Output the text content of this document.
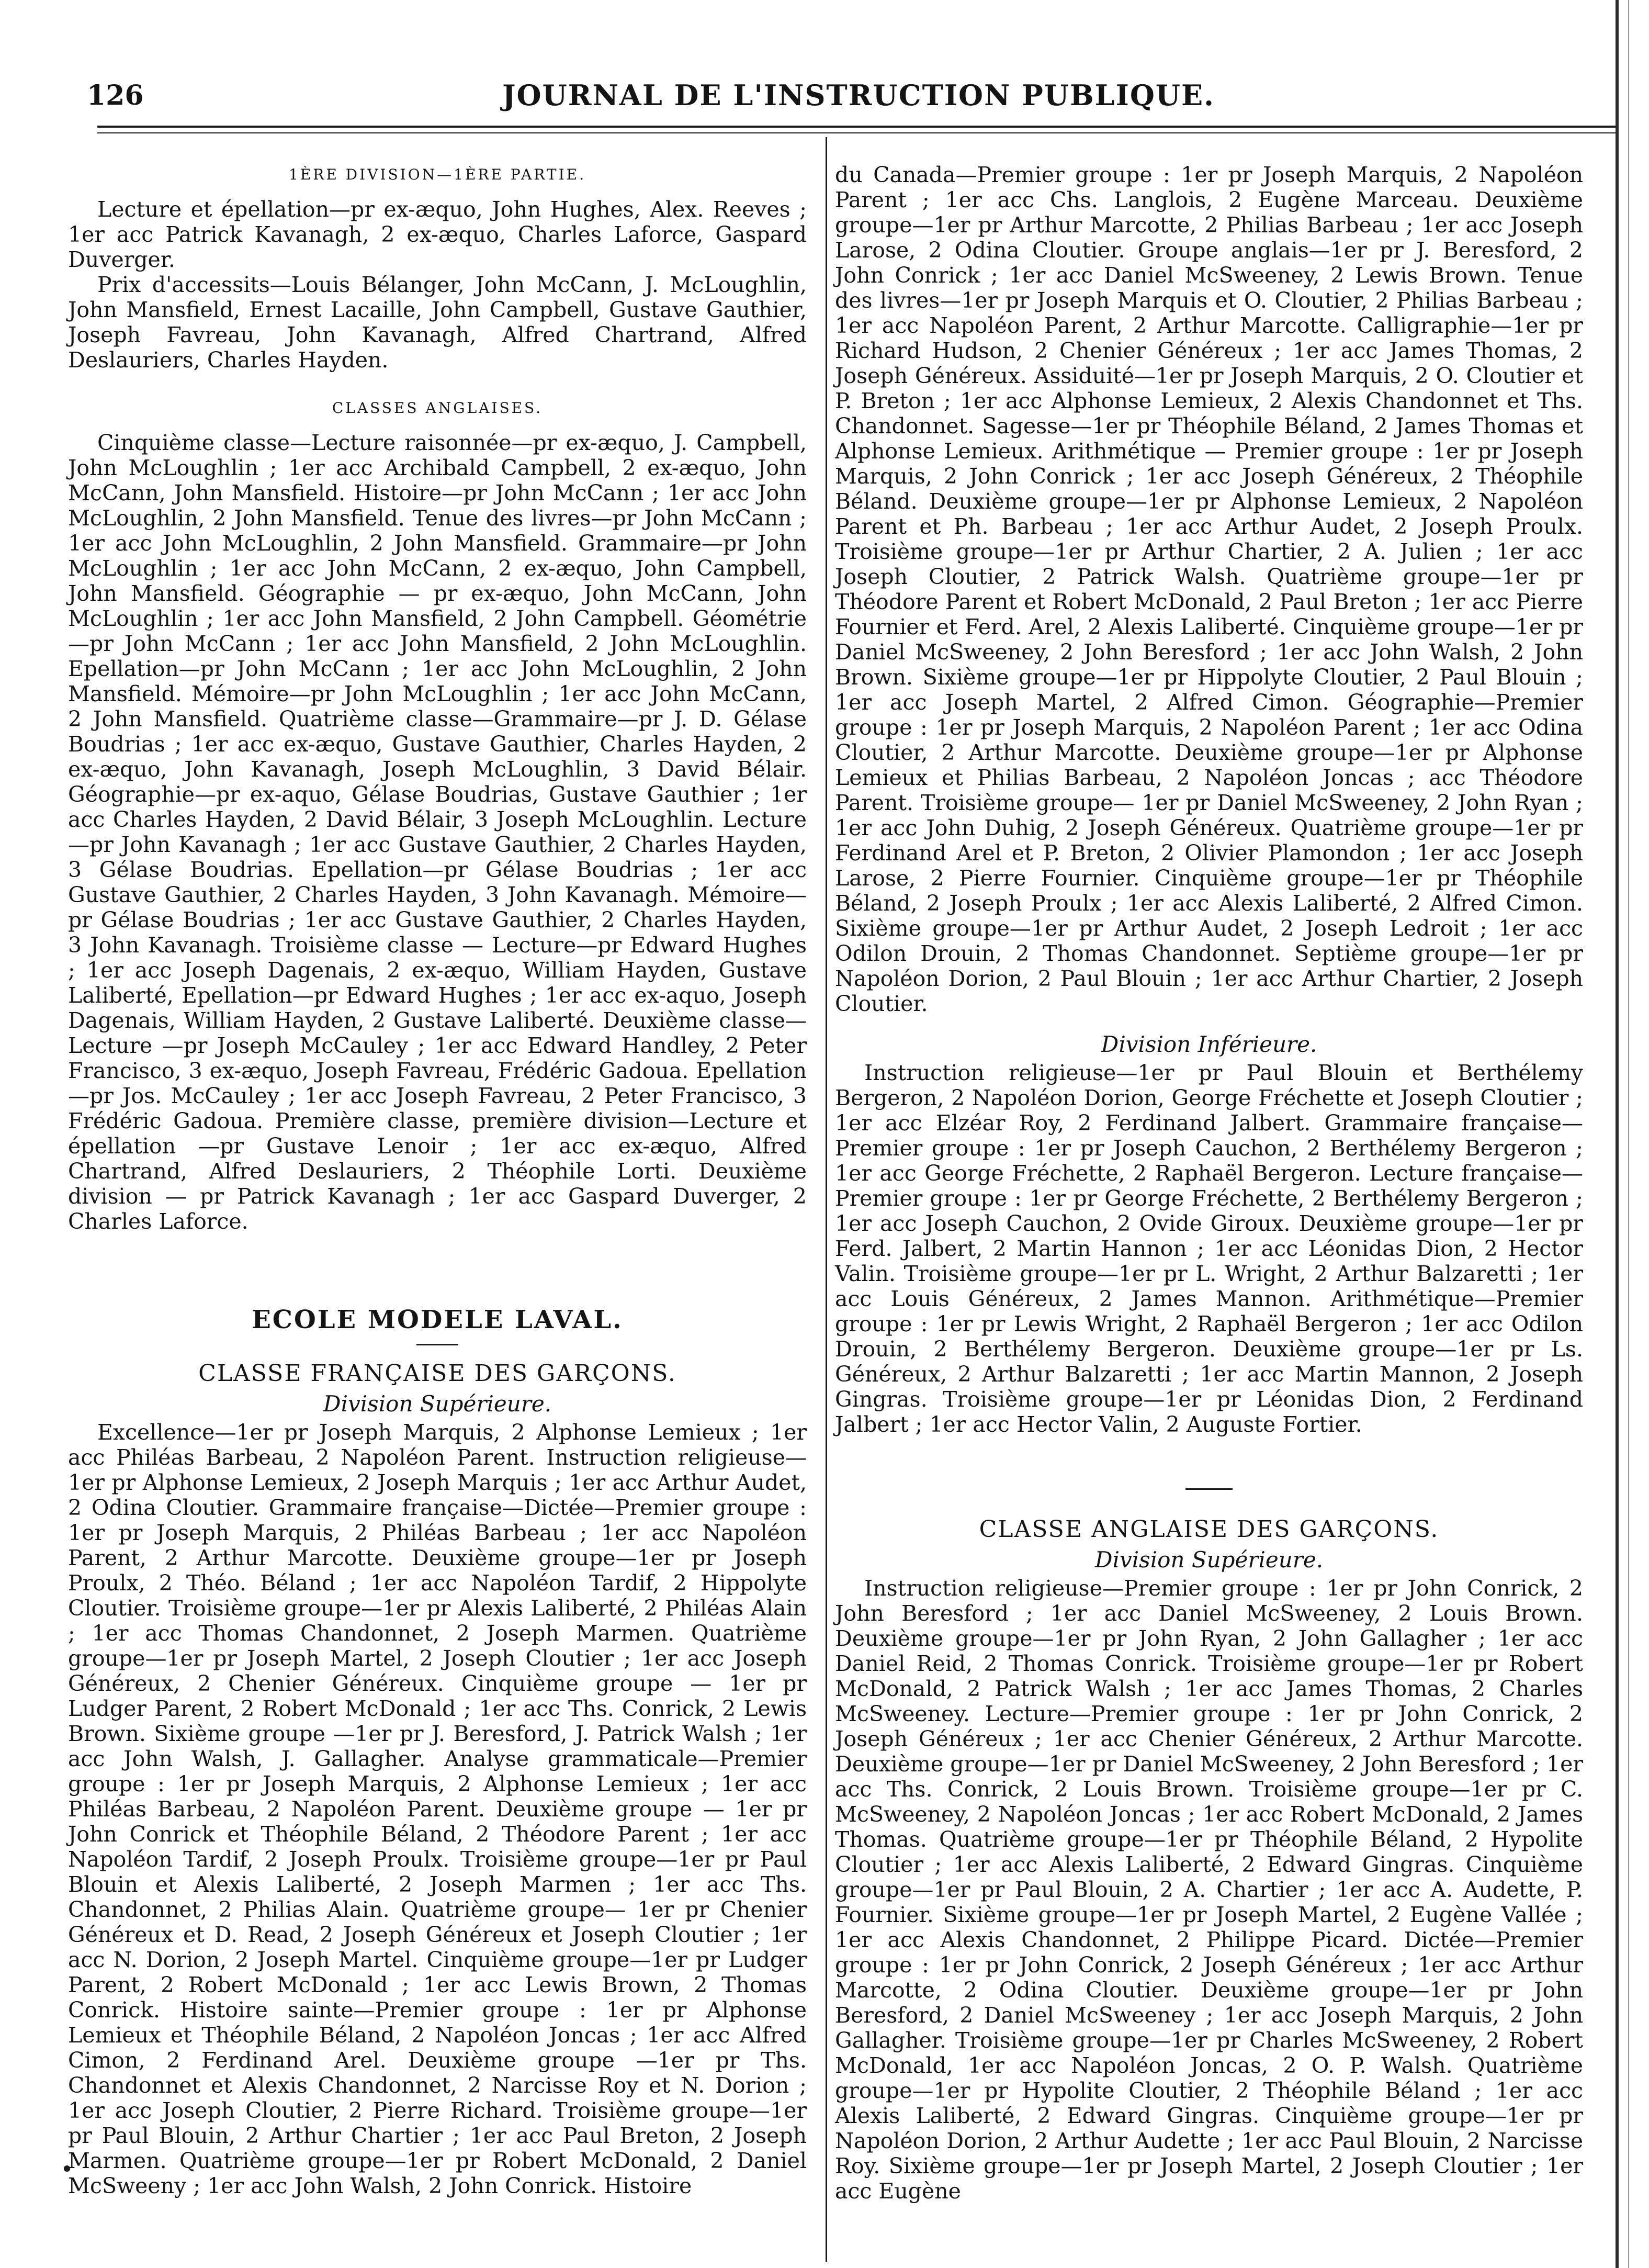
126	JOURNAL DE L'INSTRUCTION PUBLIQUE.
1ÈRE DIVISION—1ÈRE PARTIE.

Lecture et épellation—pr ex-æquo, John Hughes, Alex. Reeves ; 1er acc Patrick Kavanagh, 2 ex-æquo, Charles Laforce, Gaspard Duverger.

Prix d'accessits—Louis Bélanger, John McCann, J. McLoughlin, John Mansfield, Ernest Lacaille, John Campbell, Gustave Gauthier, Joseph Favreau, John Kavanagh, Alfred Chartrand, Alfred Deslauriers, Charles Hayden.

CLASSES ANGLAISES.

Cinquième classe—Lecture raisonnée—pr ex-æquo, J. Campbell, John McLoughlin ; 1er acc Archibald Campbell, 2 ex-æquo, John McCann, John Mansfield. Histoire—pr John McCann ; 1er acc John McLoughlin, 2 John Mansfield. Tenue des livres—pr John McCann ; 1er acc John McLoughlin, 2 John Mansfield. Grammaire—pr John McLoughlin ; 1er acc John McCann, 2 ex-æquo, John Campbell, John Mansfield. Géographie — pr ex-æquo, John McCann, John McLoughlin ; 1er acc John Mansfield, 2 John Campbell. Géométrie —pr John McCann ; 1er acc John Mansfield, 2 John McLoughlin. Epellation—pr John McCann ; 1er acc John McLoughlin, 2 John Mansfield. Mémoire—pr John McLoughlin ; 1er acc John McCann, 2 John Mansfield. Quatrième classe—Grammaire—pr J. D. Gélase Boudrias ; 1er acc ex-æquo, Gustave Gauthier, Charles Hayden, 2 ex-æquo, John Kavanagh, Joseph McLoughlin, 3 David Bélair. Géographie—pr ex-aquo, Gélase Boudrias, Gustave Gauthier ; 1er acc Charles Hayden, 2 David Bélair, 3 Joseph McLoughlin. Lecture—pr John Kavanagh ; 1er acc Gustave Gauthier, 2 Charles Hayden, 3 Gélase Boudrias. Epellation—pr Gélase Boudrias ; 1er acc Gustave Gauthier, 2 Charles Hayden, 3 John Kavanagh. Mémoire—pr Gélase Boudrias ; 1er acc Gustave Gauthier, 2 Charles Hayden, 3 John Kavanagh. Troisième classe — Lecture—pr Edward Hughes ; 1er acc Joseph Dagenais, 2 ex-æquo, William Hayden, Gustave Laliberté, Epellation—pr Edward Hughes ; 1er acc ex-aquo, Joseph Dagenais, William Hayden, 2 Gustave Laliberté. Deuxième classe—Lecture —pr Joseph McCauley ; 1er acc Edward Handley, 2 Peter Francisco, 3 ex-æquo, Joseph Favreau, Frédéric Gadoua. Epellation—pr Jos. McCauley ; 1er acc Joseph Favreau, 2 Peter Francisco, 3 Frédéric Gadoua. Première classe, première division—Lecture et épellation —pr Gustave Lenoir ; 1er acc ex-æquo, Alfred Chartrand, Alfred Deslauriers, 2 Théophile Lorti. Deuxième division — pr Patrick Kavanagh ; 1er acc Gaspard Duverger, 2 Charles Laforce.

ECOLE MODELE LAVAL.
CLASSE FRANÇAISE DES GARÇONS.
Division Supérieure.

Excellence—1er pr Joseph Marquis, 2 Alphonse Lemieux ; 1er acc Philéas Barbeau, 2 Napoléon Parent. Instruction religieuse—1er pr Alphonse Lemieux, 2 Joseph Marquis ; 1er acc Arthur Audet, 2 Odina Cloutier. Grammaire française—Dictée—Premier groupe : 1er pr Joseph Marquis, 2 Philéas Barbeau ; 1er acc Napoléon Parent, 2 Arthur Marcotte. Deuxième groupe—1er pr Joseph Proulx, 2 Théo. Béland ; 1er acc Napoléon Tardif, 2 Hippolyte Cloutier. Troisième groupe—1er pr Alexis Laliberté, 2 Philéas Alain ; 1er acc Thomas Chandonnet, 2 Joseph Marmen. Quatrième groupe—1er pr Joseph Martel, 2 Joseph Cloutier ; 1er acc Joseph Généreux, 2 Chenier Généreux. Cinquième groupe — 1er pr Ludger Parent, 2 Robert McDonald ; 1er acc Ths. Conrick, 2 Lewis Brown. Sixième groupe —1er pr J. Beresford, J. Patrick Walsh ; 1er acc John Walsh, J. Gallagher. Analyse grammaticale—Premier groupe : 1er pr Joseph Marquis, 2 Alphonse Lemieux ; 1er acc Philéas Barbeau, 2 Napoléon Parent. Deuxième groupe — 1er pr John Conrick et Théophile Béland, 2 Théodore Parent ; 1er acc Napoléon Tardif, 2 Joseph Proulx. Troisième groupe—1er pr Paul Blouin et Alexis Laliberté, 2 Joseph Marmen ; 1er acc Ths. Chandonnet, 2 Philias Alain. Quatrième groupe— 1er pr Chenier Généreux et D. Read, 2 Joseph Généreux et Joseph Cloutier ; 1er acc N. Dorion, 2 Joseph Martel. Cinquième groupe—1er pr Ludger Parent, 2 Robert McDonald ; 1er acc Lewis Brown, 2 Thomas Conrick. Histoire sainte—Premier groupe : 1er pr Alphonse Lemieux et Théophile Béland, 2 Napoléon Joncas ; 1er acc Alfred Cimon, 2 Ferdinand Arel. Deuxième groupe —1er pr Ths. Chandonnet et Alexis Chandonnet, 2 Narcisse Roy et N. Dorion ; 1er acc Joseph Cloutier, 2 Pierre Richard. Troisième groupe—1er pr Paul Blouin, 2 Arthur Chartier ; 1er acc Paul Breton, 2 Joseph Marmen. Quatrième groupe—1er pr Robert McDonald, 2 Daniel McSweeny ; 1er acc John Walsh, 2 John Conrick. Histoire

du Canada—Premier groupe : 1er pr Joseph Marquis, 2 Napoléon Parent ; 1er acc Chs. Langlois, 2 Eugène Marceau. Deuxième groupe—1er pr Arthur Marcotte, 2 Philias Barbeau ; 1er acc Joseph Larose, 2 Odina Cloutier. Groupe anglais—1er pr J. Beresford, 2 John Conrick ; 1er acc Daniel McSweeney, 2 Lewis Brown. Tenue des livres—1er pr Joseph Marquis et O. Cloutier, 2 Philias Barbeau ; 1er acc Napoléon Parent, 2 Arthur Marcotte. Calligraphie—1er pr Richard Hudson, 2 Chenier Généreux ; 1er acc James Thomas, 2 Joseph Généreux. Assiduité—1er pr Joseph Marquis, 2 O. Cloutier et P. Breton ; 1er acc Alphonse Lemieux, 2 Alexis Chandonnet et Ths. Chandonnet. Sagesse—1er pr Théophile Béland, 2 James Thomas et Alphonse Lemieux. Arithmétique — Premier groupe : 1er pr Joseph Marquis, 2 John Conrick ; 1er acc Joseph Généreux, 2 Théophile Béland. Deuxième groupe—1er pr Alphonse Lemieux, 2 Napoléon Parent et Ph. Barbeau ; 1er acc Arthur Audet, 2 Joseph Proulx. Troisième groupe—1er pr Arthur Chartier, 2 A. Julien ; 1er acc Joseph Cloutier, 2 Patrick Walsh. Quatrième groupe—1er pr Théodore Parent et Robert McDonald, 2 Paul Breton ; 1er acc Pierre Fournier et Ferd. Arel, 2 Alexis Laliberté. Cinquième groupe—1er pr Daniel McSweeney, 2 John Beresford ; 1er acc John Walsh, 2 John Brown. Sixième groupe—1er pr Hippolyte Cloutier, 2 Paul Blouin ; 1er acc Joseph Martel, 2 Alfred Cimon. Géographie—Premier groupe : 1er pr Joseph Marquis, 2 Napoléon Parent ; 1er acc Odina Cloutier, 2 Arthur Marcotte. Deuxième groupe—1er pr Alphonse Lemieux et Philias Barbeau, 2 Napoléon Joncas ; acc Théodore Parent. Troisième groupe— 1er pr Daniel McSweeney, 2 John Ryan ; 1er acc John Duhig, 2 Joseph Généreux. Quatrième groupe—1er pr Ferdinand Arel et P. Breton, 2 Olivier Plamondon ; 1er acc Joseph Larose, 2 Pierre Fournier. Cinquième groupe—1er pr Théophile Béland, 2 Joseph Proulx ; 1er acc Alexis Laliberté, 2 Alfred Cimon. Sixième groupe—1er pr Arthur Audet, 2 Joseph Ledroit ; 1er acc Odilon Drouin, 2 Thomas Chandonnet. Septième groupe—1er pr Napoléon Dorion, 2 Paul Blouin ; 1er acc Arthur Chartier, 2 Joseph Cloutier.

Division Inférieure.

Instruction religieuse—1er pr Paul Blouin et Berthélemy Bergeron, 2 Napoléon Dorion, George Fréchette et Joseph Cloutier ; 1er acc Elzéar Roy, 2 Ferdinand Jalbert. Grammaire française—Premier groupe : 1er pr Joseph Cauchon, 2 Berthélemy Bergeron ; 1er acc George Fréchette, 2 Raphaël Bergeron. Lecture française—Premier groupe : 1er pr George Fréchette, 2 Berthélemy Bergeron ; 1er acc Joseph Cauchon, 2 Ovide Giroux. Deuxième groupe—1er pr Ferd. Jalbert, 2 Martin Hannon ; 1er acc Léonidas Dion, 2 Hector Valin. Troisième groupe—1er pr L. Wright, 2 Arthur Balzaretti ; 1er acc Louis Généreux, 2 James Mannon. Arithmétique—Premier groupe : 1er pr Lewis Wright, 2 Raphaël Bergeron ; 1er acc Odilon Drouin, 2 Berthélemy Bergeron. Deuxième groupe—1er pr Ls. Généreux, 2 Arthur Balzaretti ; 1er acc Martin Mannon, 2 Joseph Gingras. Troisième groupe—1er pr Léonidas Dion, 2 Ferdinand Jalbert ; 1er acc Hector Valin, 2 Auguste Fortier.

CLASSE ANGLAISE DES GARÇONS.
Division Supérieure.

Instruction religieuse—Premier groupe : 1er pr John Conrick, 2 John Beresford ; 1er acc Daniel McSweeney, 2 Louis Brown. Deuxième groupe—1er pr John Ryan, 2 John Gallagher ; 1er acc Daniel Reid, 2 Thomas Conrick. Troisième groupe—1er pr Robert McDonald, 2 Patrick Walsh ; 1er acc James Thomas, 2 Charles McSweeney. Lecture—Premier groupe : 1er pr John Conrick, 2 Joseph Généreux ; 1er acc Chenier Généreux, 2 Arthur Marcotte. Deuxième groupe—1er pr Daniel McSweeney, 2 John Beresford ; 1er acc Ths. Conrick, 2 Louis Brown. Troisième groupe—1er pr C. McSweeney, 2 Napoléon Joncas ; 1er acc Robert McDonald, 2 James Thomas. Quatrième groupe—1er pr Théophile Béland, 2 Hypolite Cloutier ; 1er acc Alexis Laliberté, 2 Edward Gingras. Cinquième groupe—1er pr Paul Blouin, 2 A. Chartier ; 1er acc A. Audette, P. Fournier. Sixième groupe—1er pr Joseph Martel, 2 Eugène Vallée ; 1er acc Alexis Chandonnet, 2 Philippe Picard. Dictée—Premier groupe : 1er pr John Conrick, 2 Joseph Généreux ; 1er acc Arthur Marcotte, 2 Odina Cloutier. Deuxième groupe—1er pr John Beresford, 2 Daniel McSweeney ; 1er acc Joseph Marquis, 2 John Gallagher. Troisième groupe—1er pr Charles McSweeney, 2 Robert McDonald, 1er acc Napoléon Joncas, 2 O. P. Walsh. Quatrième groupe—1er pr Hypolite Cloutier, 2 Théophile Béland ; 1er acc Alexis Laliberté, 2 Edward Gingras. Cinquième groupe—1er pr Napoléon Dorion, 2 Arthur Audette ; 1er acc Paul Blouin, 2 Narcisse Roy. Sixième groupe—1er pr Joseph Martel, 2 Joseph Cloutier ; 1er acc Eugène
